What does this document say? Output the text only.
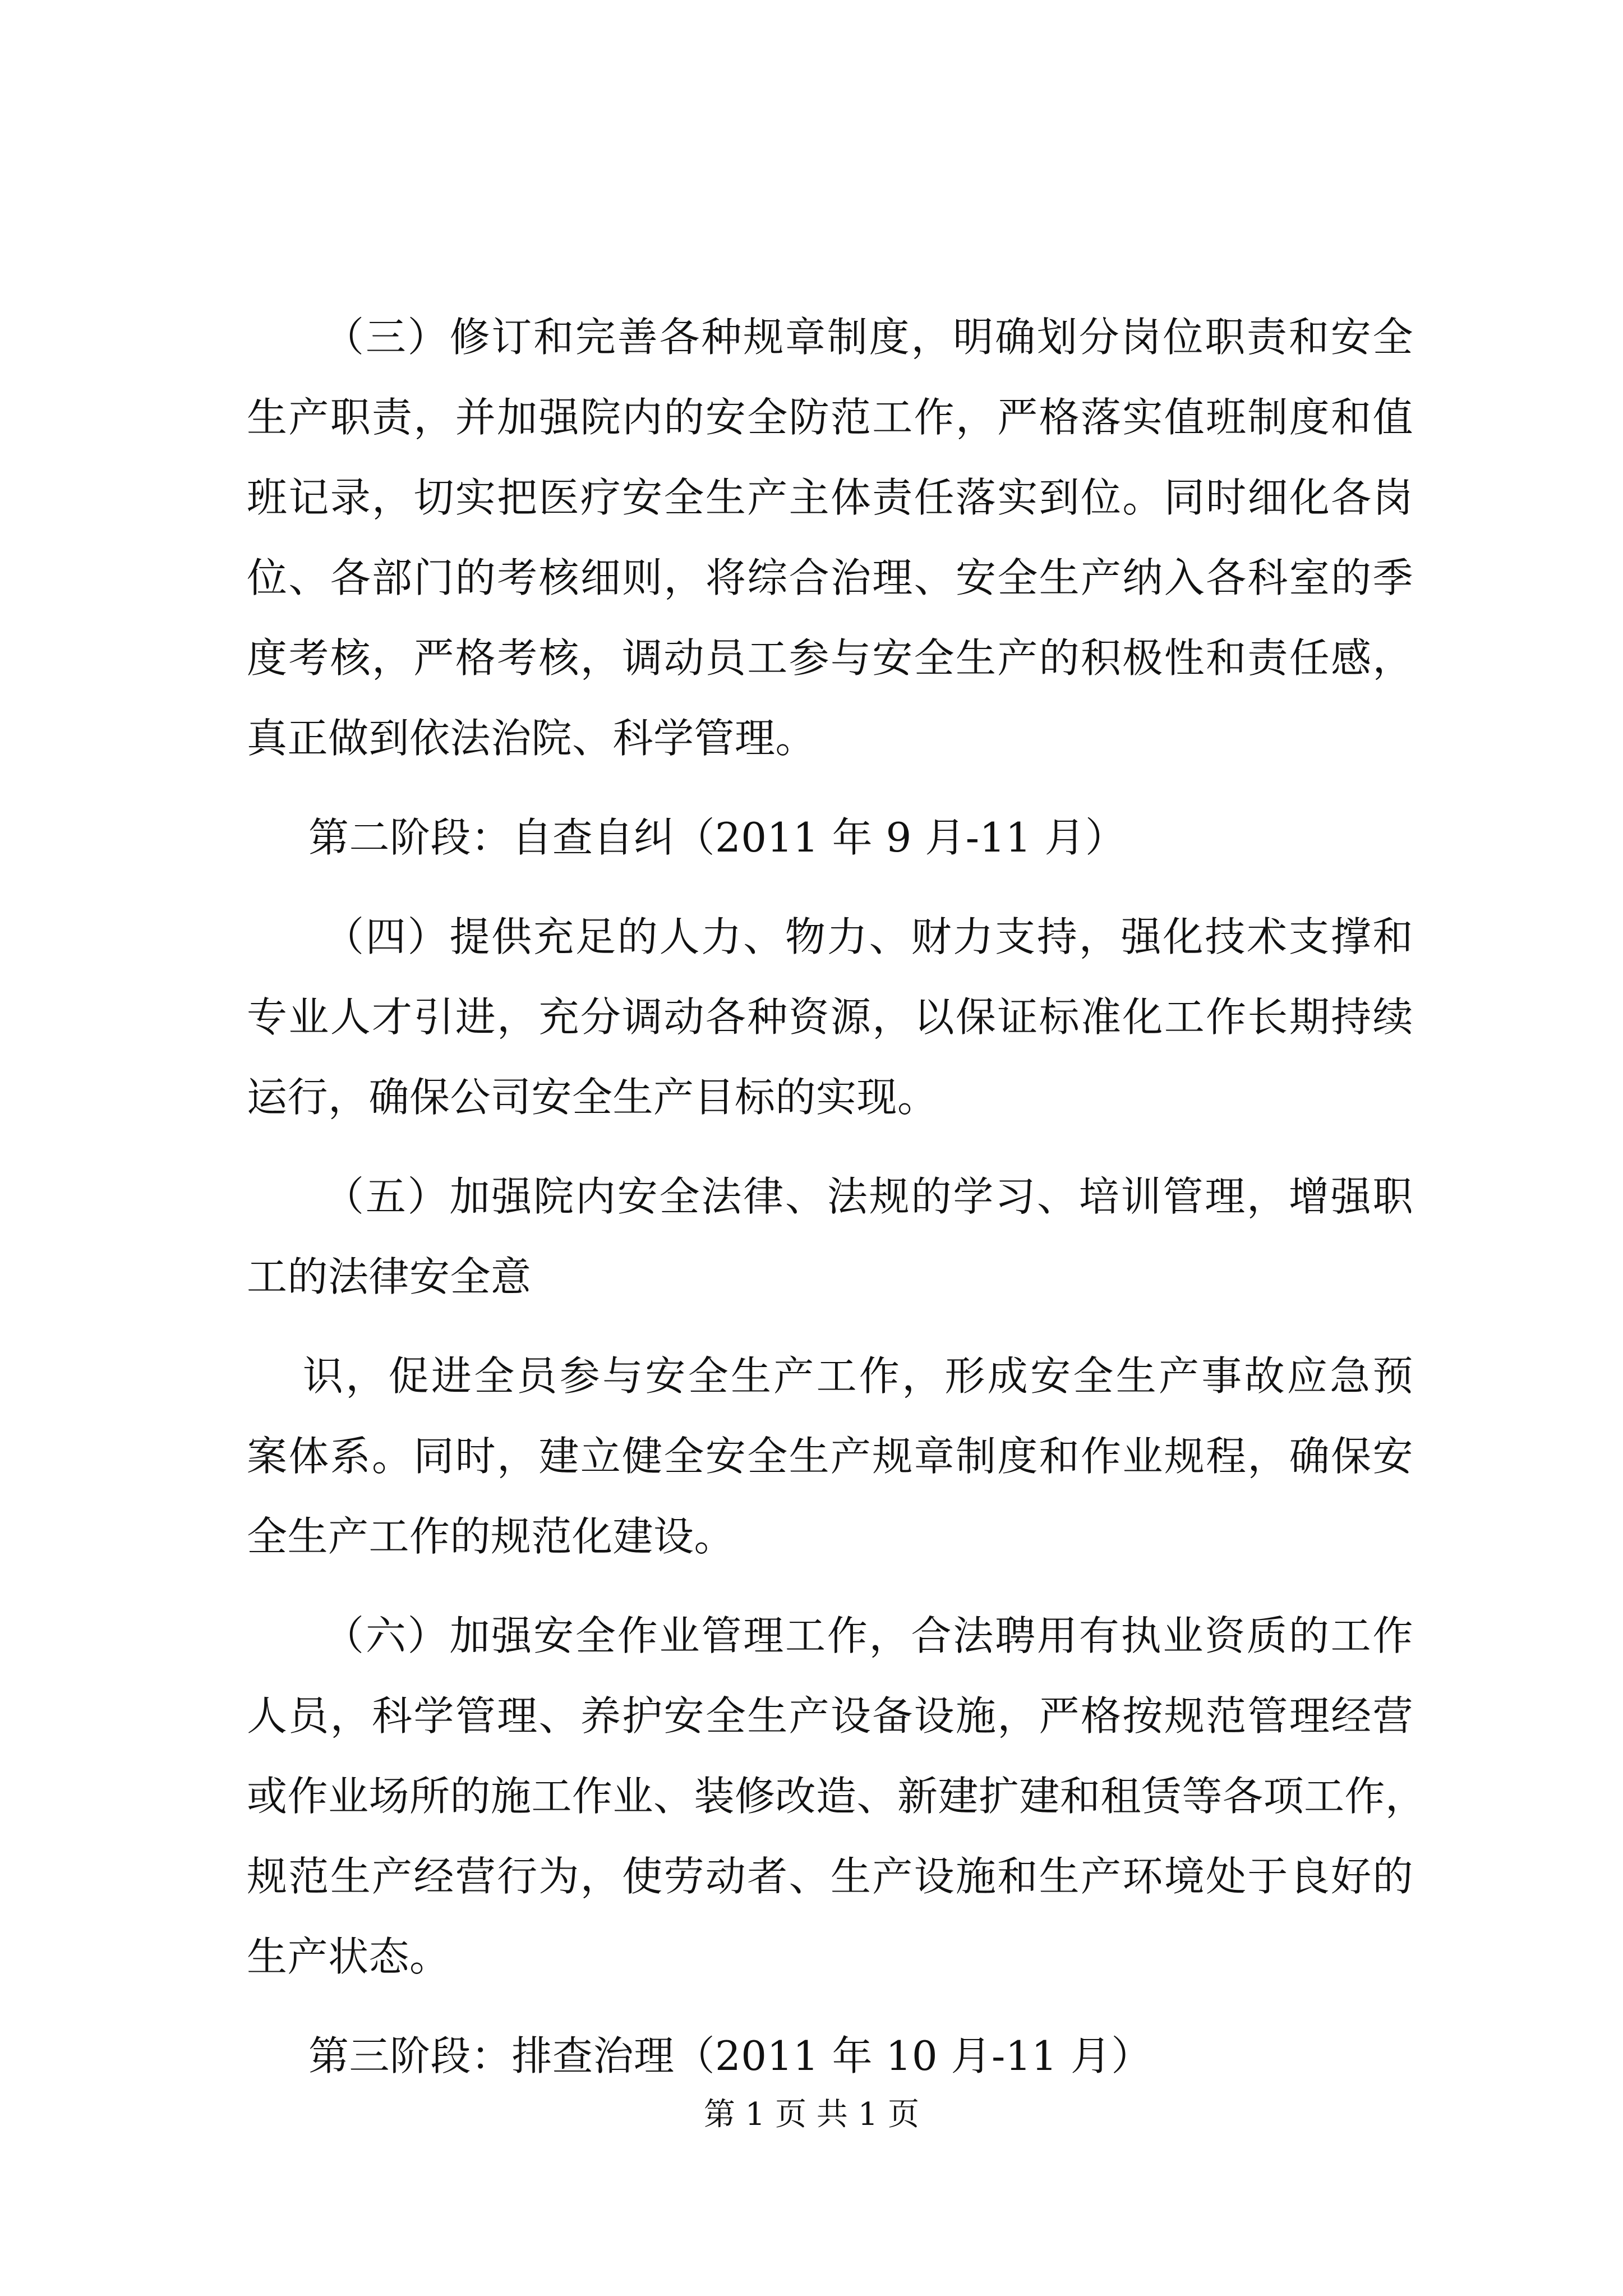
（三）修订和完善各种规章制度，明确划分岗位职责和安全
生产职责，并加强院内的安全防范工作，严格落实值班制度和值
班记录，切实把医疗安全生产主体责任落实到位。同时细化各岗
位、各部门的考核细则，将综合治理、安全生产纳入各科室的季
度考核，严格考核，调动员工参与安全生产的积极性和责任感，
真正做到依法治院、科学管理。
第二阶段：自查自纠（2011 年 9 月-11 月）
（四）提供充足的人力、物力、财力支持，强化技术支撑和
专业人才引进，充分调动各种资源，以保证标准化工作长期持续
运行，确保公司安全生产目标的实现。
（五）加强院内安全法律、法规的学习、培训管理，增强职
工的法律安全意
识，促进全员参与安全生产工作，形成安全生产事故应急预
案体系。同时，建立健全安全生产规章制度和作业规程，确保安
全生产工作的规范化建设。
（六）加强安全作业管理工作，合法聘用有执业资质的工作
人员，科学管理、养护安全生产设备设施，严格按规范管理经营
或作业场所的施工作业、装修改造、新建扩建和租赁等各项工作，
规范生产经营行为，使劳动者、生产设施和生产环境处于良好的
生产状态。
第三阶段：排查治理（2011 年 10 月-11 月）
第 1 页 共 1 页
